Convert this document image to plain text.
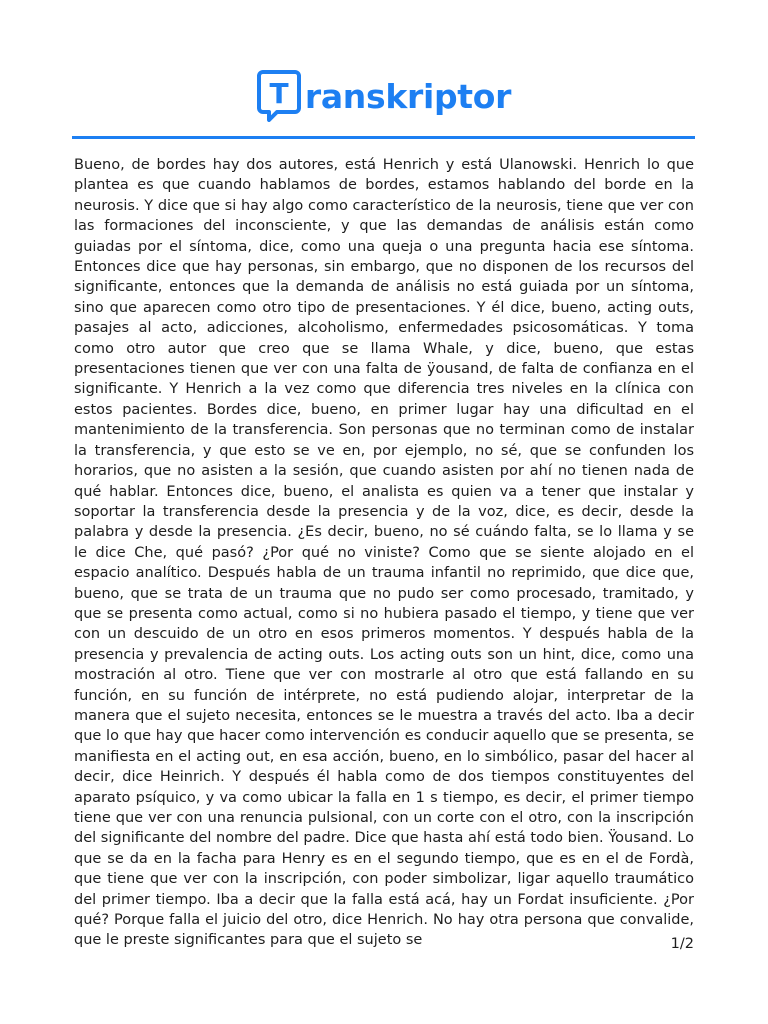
T ranskriptor

Bueno, de bordes hay dos autores, está Henrich y está Ulanowski. Henrich lo que plantea es que cuando hablamos de bordes, estamos hablando del borde en la neurosis. Y dice que si hay algo como característico de la neurosis, tiene que ver con las formaciones del inconsciente, y que las demandas de análisis están como guiadas por el síntoma, dice, como una queja o una pregunta hacia ese síntoma. Entonces dice que hay personas, sin embargo, que no disponen de los recursos del significante, entonces que la demanda de análisis no está guiada por un síntoma, sino que aparecen como otro tipo de presentaciones. Y él dice, bueno, acting outs, pasajes al acto, adicciones, alcoholismo, enfermedades psicosomáticas. Y toma como otro autor que creo que se llama Whale, y dice, bueno, que estas presentaciones tienen que ver con una falta de ÿousand, de falta de confianza en el significante. Y Henrich a la vez como que diferencia tres niveles en la clínica con estos pacientes. Bordes dice, bueno, en primer lugar hay una dificultad en el mantenimiento de la transferencia. Son personas que no terminan como de instalar la transferencia, y que esto se ve en, por ejemplo, no sé, que se confunden los horarios, que no asisten a la sesión, que cuando asisten por ahí no tienen nada de qué hablar. Entonces dice, bueno, el analista es quien va a tener que instalar y soportar la transferencia desde la presencia y de la voz, dice, es decir, desde la palabra y desde la presencia. ¿Es decir, bueno, no sé cuándo falta, se lo llama y se le dice Che, qué pasó? ¿Por qué no viniste? Como que se siente alojado en el espacio analítico. Después habla de un trauma infantil no reprimido, que dice que, bueno, que se trata de un trauma que no pudo ser como procesado, tramitado, y que se presenta como actual, como si no hubiera pasado el tiempo, y tiene que ver con un descuido de un otro en esos primeros momentos. Y después habla de la presencia y prevalencia de acting outs. Los acting outs son un hint, dice, como una mostración al otro. Tiene que ver con mostrarle al otro que está fallando en su función, en su función de intérprete, no está pudiendo alojar, interpretar de la manera que el sujeto necesita, entonces se le muestra a través del acto. Iba a decir que lo que hay que hacer como intervención es conducir aquello que se presenta, se manifiesta en el acting out, en esa acción, bueno, en lo simbólico, pasar del hacer al decir, dice Heinrich. Y después él habla como de dos tiempos constituyentes del aparato psíquico, y va como ubicar la falla en 1 s tiempo, es decir, el primer tiempo tiene que ver con una renuncia pulsional, con un corte con el otro, con la inscripción del significante del nombre del padre. Dice que hasta ahí está todo bien. Ÿousand. Lo que se da en la facha para Henry es en el segundo tiempo, que es en el de Fordà, que tiene que ver con la inscripción, con poder simbolizar, ligar aquello traumático del primer tiempo. Iba a decir que la falla está acá, hay un Fordat insuficiente. ¿Por qué? Porque falla el juicio del otro, dice Henrich. No hay otra persona que convalide, que le preste significantes para que el sujeto se	1/2
